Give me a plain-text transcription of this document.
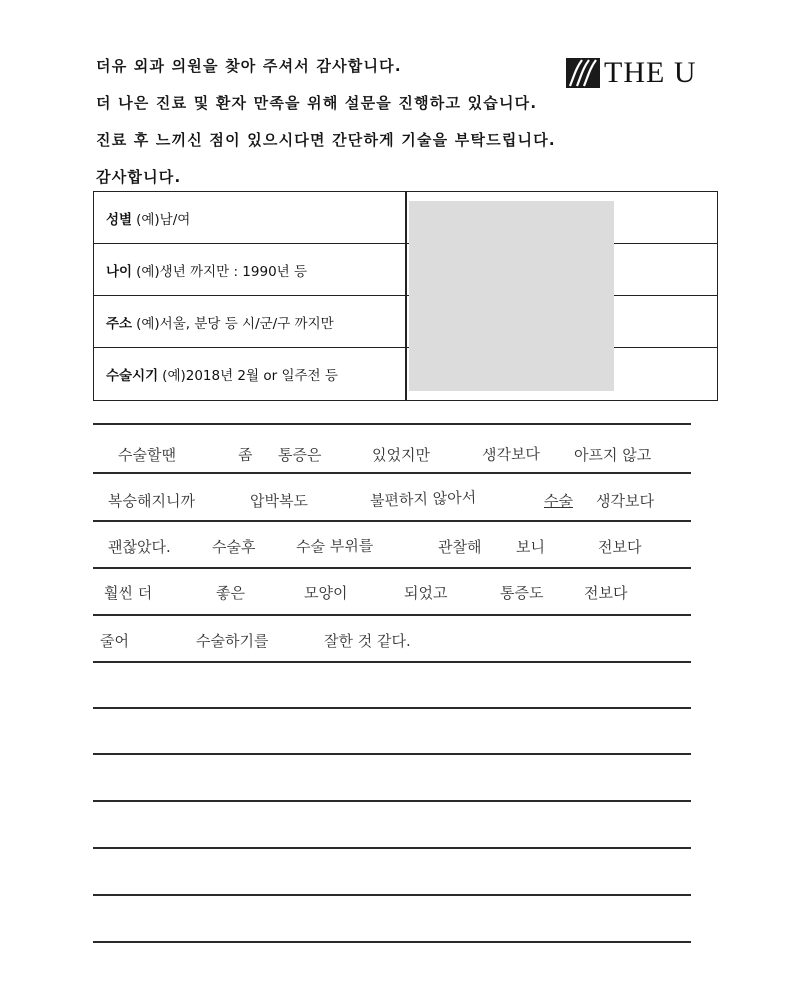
더유 외과 의원을 찾아 주셔서 감사합니다.

더 나은 진료 및 환자 만족을 위해 설문을 진행하고 있습니다.

진료 후 느끼신 점이 있으시다면 간단하게 기술을 부탁드립니다.

감사합니다.

THE U
성별 (예)남/여
나이 (예)생년 까지만 : 1990년 등
주소 (예)서울, 분당 등 시/군/구 까지만
수술시기 (예)2018년 2월 or 일주전 등
수술할땐	좀 통증은	있었지만	생각보다 아프지 않고
복숭해지니까	압박복도	불편하지 않아서	수술 생각보다
괜찮았다.	수술후	수술 부위를	관찰해 보니	전보다
훨씬 더	좋은	모양이	되었고	통증도	전보다
줄어	수술하기를	잘한 것 같다.
